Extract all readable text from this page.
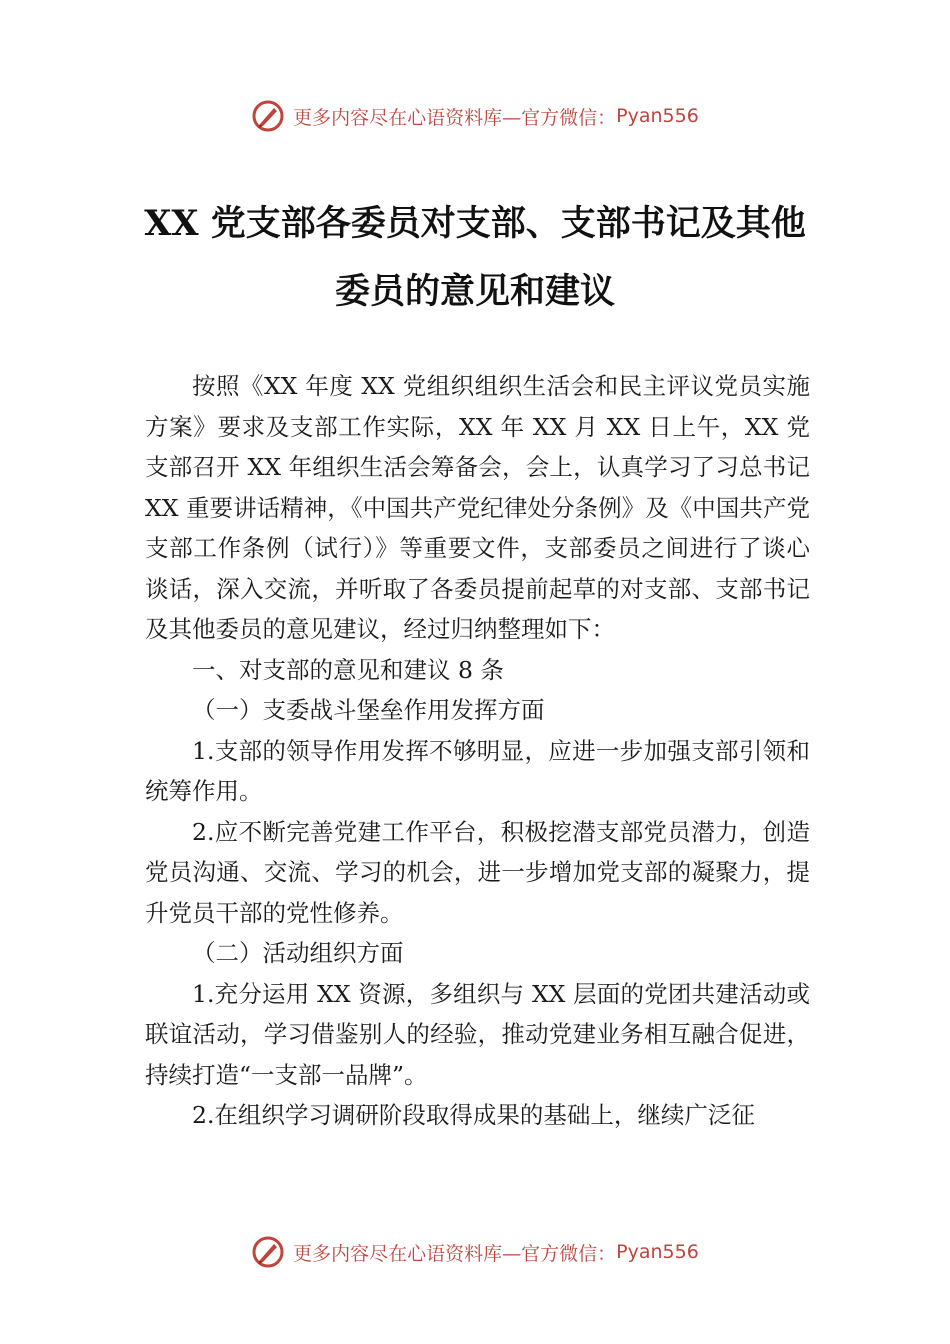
更多内容尽在心语资料库—官方微信： Pyan556
XX 党支部各委员对支部、支部书记及其他
委员的意见和建议

按照《XX 年度 XX 党组织组织生活会和民主评议党员实施方案》要求及支部工作实际，XX 年 XX 月 XX 日上午，XX 党支部召开 XX 年组织生活会筹备会，会上，认真学习了习总书记 XX 重要讲话精神，《中国共产党纪律处分条例》及《中国共产党支部工作条例（试行）》等重要文件，支部委员之间进行了谈心谈话，深入交流，并听取了各委员提前起草的对支部、支部书记及其他委员的意见建议，经过归纳整理如下：

一、对支部的意见和建议 8 条

（一）支委战斗堡垒作用发挥方面

1.支部的领导作用发挥不够明显，应进一步加强支部引领和统筹作用。

2.应不断完善党建工作平台，积极挖潜支部党员潜力，创造党员沟通、交流、学习的机会，进一步增加党支部的凝聚力，提升党员干部的党性修养。

（二）活动组织方面

1.充分运用 XX 资源，多组织与 XX 层面的党团共建活动或联谊活动，学习借鉴别人的经验，推动党建业务相互融合促进，持续打造“一支部一品牌”。

2.在组织学习调研阶段取得成果的基础上，继续广泛征

更多内容尽在心语资料库—官方微信： Pyan556
